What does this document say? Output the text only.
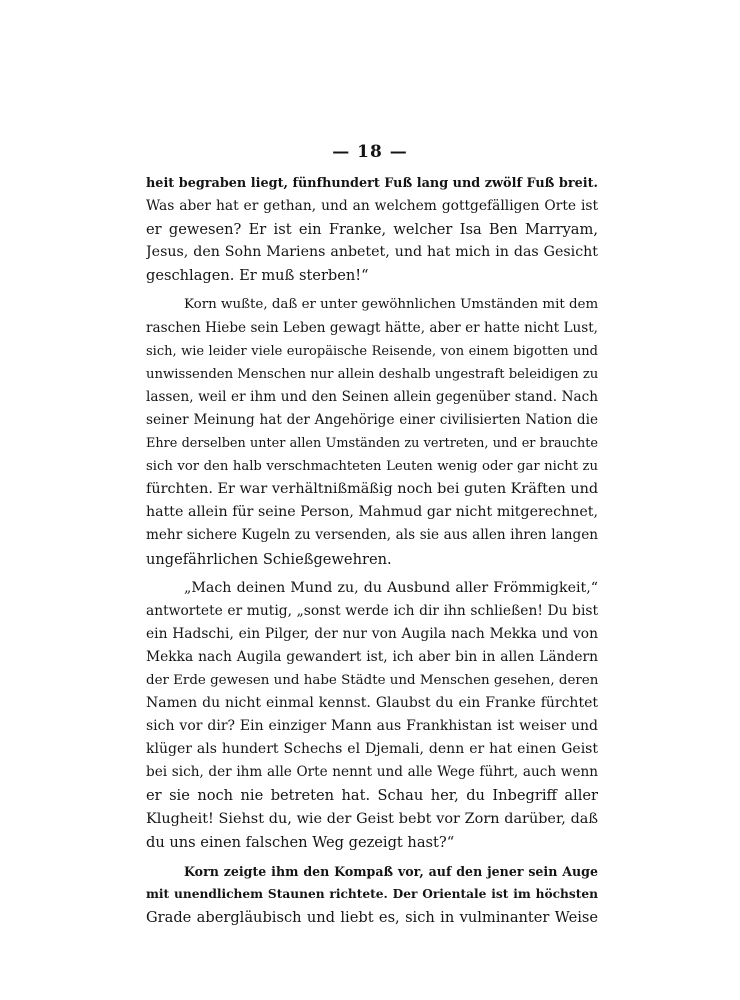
— 18 —
heit begraben liegt, fünfhundert Fuß lang und zwölf Fuß breit.
Was aber hat er gethan, und an welchem gottgefälligen Orte ist
er gewesen? Er ist ein Franke, welcher Isa Ben Marryam,
Jesus, den Sohn Mariens anbetet, und hat mich in das Gesicht
geschlagen. Er muß sterben!“
Korn wußte, daß er unter gewöhnlichen Umständen mit dem
raschen Hiebe sein Leben gewagt hätte, aber er hatte nicht Lust,
sich, wie leider viele europäische Reisende, von einem bigotten und
unwissenden Menschen nur allein deshalb ungestraft beleidigen zu
lassen, weil er ihm und den Seinen allein gegenüber stand. Nach
seiner Meinung hat der Angehörige einer civilisierten Nation die
Ehre derselben unter allen Umständen zu vertreten, und er brauchte
sich vor den halb verschmachteten Leuten wenig oder gar nicht zu
fürchten. Er war verhältnißmäßig noch bei guten Kräften und
hatte allein für seine Person, Mahmud gar nicht mitgerechnet,
mehr sichere Kugeln zu versenden, als sie aus allen ihren langen
ungefährlichen Schießgewehren.
„Mach deinen Mund zu, du Ausbund aller Frömmigkeit,“
antwortete er mutig, „sonst werde ich dir ihn schließen! Du bist
ein Hadschi, ein Pilger, der nur von Augila nach Mekka und von
Mekka nach Augila gewandert ist, ich aber bin in allen Ländern
der Erde gewesen und habe Städte und Menschen gesehen, deren
Namen du nicht einmal kennst. Glaubst du ein Franke fürchtet
sich vor dir? Ein einziger Mann aus Frankhistan ist weiser und
klüger als hundert Schechs el Djemali, denn er hat einen Geist
bei sich, der ihm alle Orte nennt und alle Wege führt, auch wenn
er sie noch nie betreten hat. Schau her, du Inbegriff aller
Klugheit! Siehst du, wie der Geist bebt vor Zorn darüber, daß
du uns einen falschen Weg gezeigt hast?“
Korn zeigte ihm den Kompaß vor, auf den jener sein Auge
mit unendlichem Staunen richtete. Der Orientale ist im höchsten
Grade abergläubisch und liebt es, sich in vulminanter Weise
